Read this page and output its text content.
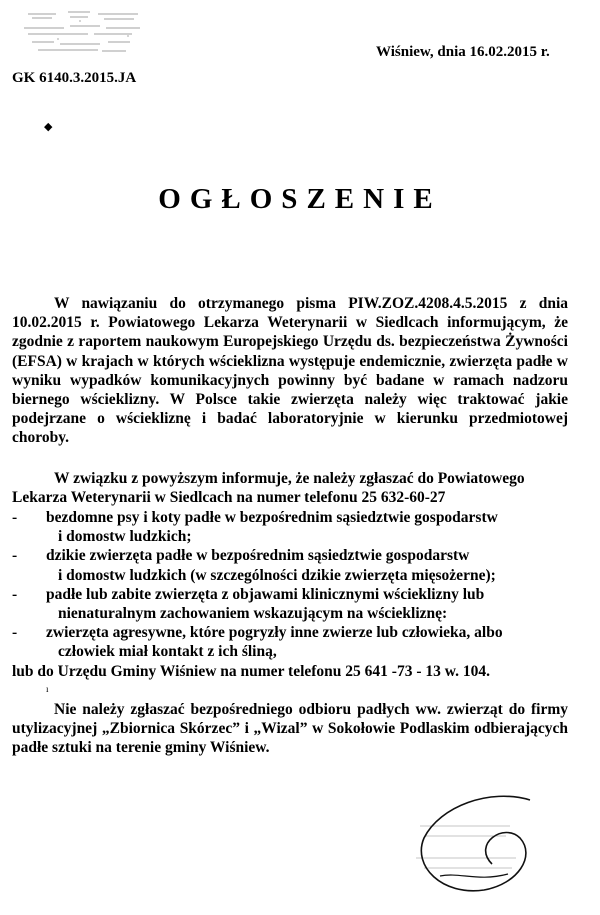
Wiśniew, dnia 16.02.2015 r.

GK 6140.3.2015.JA

◆
OGŁOSZENIE

W nawiązaniu do otrzymanego pisma PIW.ZOZ.4208.4.5.2015 z dnia 10.02.2015 r. Powiatowego Lekarza Weterynarii w Siedlcach informującym, że zgodnie z raportem naukowym Europejskiego Urzędu ds. bezpieczeństwa Żywności (EFSA) w krajach w których wścieklizna występuje endemicznie, zwierzęta padłe w wyniku wypadków komunikacyjnych powinny być badane w ramach nadzoru biernego wścieklizny. W Polsce takie zwierzęta należy więc traktować jakie podejrzane o wściekliznę i badać laboratoryjnie w kierunku przedmiotowej choroby.

W związku z powyższym informuje, że należy zgłaszać do Powiatowego
Lekarza Weterynarii w Siedlcach na numer telefonu 25 632-60-27
- bezdomne psy i koty padłe w bezpośrednim sąsiedztwie gospodarstw
i domostw ludzkich;
- dzikie zwierzęta padłe w bezpośrednim sąsiedztwie gospodarstw
i domostw ludzkich (w szczególności dzikie zwierzęta mięsożerne);
- padłe lub zabite zwierzęta z objawami klinicznymi wścieklizny lub
nienaturalnym zachowaniem wskazującym na wściekliznę:
- zwierzęta agresywne, które pogryzły inne zwierze lub człowieka, albo
człowiek miał kontakt z ich śliną,

lub do Urzędu Gminy Wiśniew na numer telefonu 25 641 -73 - 13 w. 104.

ı

Nie należy zgłaszać bezpośredniego odbioru padłych ww. zwierząt do firmy utylizacyjnej „Zbiornica Skórzec” i „Wizal” w Sokołowie Podlaskim odbierających padłe sztuki na terenie gminy Wiśniew.
